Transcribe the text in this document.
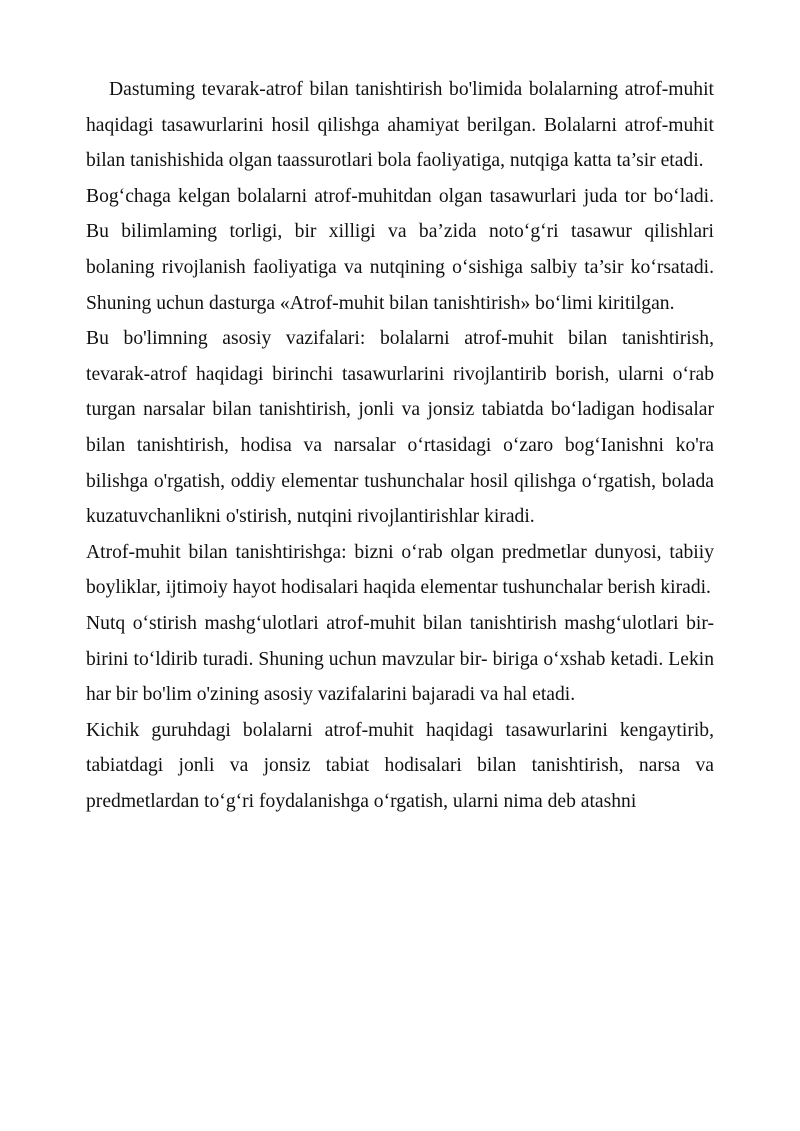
Dastuming tevarak-atrof bilan tanishtirish bo'limida bolalarning atrof-muhit haqidagi tasawurlarini hosil qilishga ahamiyat berilgan. Bolalarni atrof-muhit bilan tanishishida olgan taassurotlari bola faoliyatiga, nutqiga katta ta’sir etadi.

Bog‘chaga kelgan bolalarni atrof-muhitdan olgan tasawurlari juda tor bo‘ladi. Bu bilimlaming torligi, bir xilligi va ba’zida noto‘g‘ri tasawur qilishlari bolaning rivojlanish faoliyatiga va nutqining o‘sishiga salbiy ta’sir ko‘rsatadi. Shuning uchun dasturga «Atrof-muhit bilan tanishtirish» bo‘limi kiritilgan.

Bu bo'limning asosiy vazifalari: bolalarni atrof-muhit bilan tanishtirish, tevarak-atrof haqidagi birinchi tasawurlarini rivojlantirib borish, ularni o‘rab turgan narsalar bilan tanishtirish, jonli va jonsiz tabiatda bo‘ladigan hodisalar bilan tanishtirish, hodisa va narsalar o‘rtasidagi o‘zaro bog‘Ianishni ko'ra bilishga o'rgatish, oddiy elementar tushunchalar hosil qilishga o‘rgatish, bolada kuzatuvchanlikni o'stirish, nutqini rivojlantirishlar kiradi.

Atrof-muhit bilan tanishtirishga: bizni o‘rab olgan predmetlar dunyosi, tabiiy boyliklar, ijtimoiy hayot hodisalari haqida elementar tushunchalar berish kiradi.

Nutq o‘stirish mashg‘ulotlari atrof-muhit bilan tanishtirish mashg‘ulotlari bir-birini to‘ldirib turadi. Shuning uchun mavzular bir- biriga o‘xshab ketadi. Lekin har bir bo'lim o'zining asosiy vazifalarini bajaradi va hal etadi.

Kichik guruhdagi bolalarni atrof-muhit haqidagi tasawurlarini kengaytirib, tabiatdagi jonli va jonsiz tabiat hodisalari bilan tanishtirish, narsa va predmetlardan to‘g‘ri foydalanishga o‘rgatish, ularni nima deb atashni
